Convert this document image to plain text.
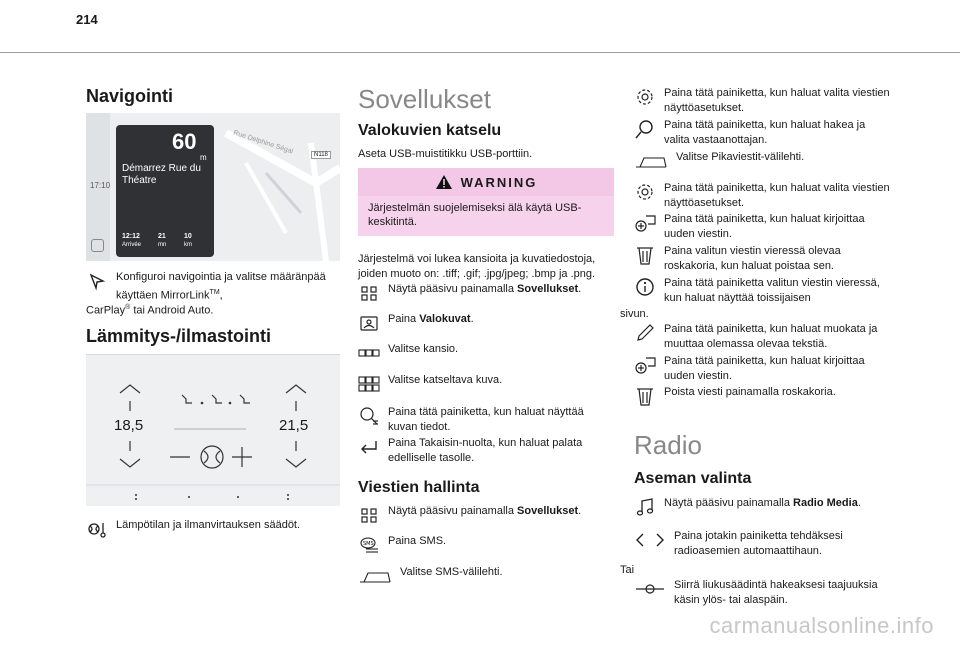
214
Navigointi
17:10
Rue Delphine Ségal	N118
60
m
Démarrez Rue du Théatre
12:12
Arrivée
21
mn
10
km
Konfiguroi navigointia ja valitse määränpää käyttäen MirrorLink™,
CarPlay® tai Android Auto.
Lämmitys-/ilmastointi
18,5	21,5
Lämpötilan ja ilmanvirtauksen säädöt.
Sovellukset
Valokuvien katselu
Aseta USB-muistitikku USB-porttiin.
WARNING
Järjestelmän suojelemiseksi älä käytä USB-keskitintä.
Järjestelmä voi lukea kansioita ja kuvatiedostoja, joiden muoto on: .tiff; .gif; .jpg/jpeg; .bmp ja .png.
Näytä pääsivu painamalla Sovellukset.
Paina Valokuvat.
Valitse kansio.
Valitse katseltava kuva.
Paina tätä painiketta, kun haluat näyttää kuvan tiedot.
Paina Takaisin-nuolta, kun haluat palata edelliselle tasolle.
Viestien hallinta
Näytä pääsivu painamalla Sovellukset.
SMS Paina SMS.
Valitse SMS-välilehti.
Paina tätä painiketta, kun haluat valita viestien näyttöasetukset.
Paina tätä painiketta, kun haluat hakea ja valita vastaanottajan.
Valitse Pikaviestit-välilehti.
Paina tätä painiketta, kun haluat valita viestien näyttöasetukset.
Paina tätä painiketta, kun haluat kirjoittaa uuden viestin.
Paina valitun viestin vieressä olevaa roskakoria, kun haluat poistaa sen.
Paina tätä painiketta valitun viestin vieressä, kun haluat näyttää toissijaisen
sivun.
Paina tätä painiketta, kun haluat muokata ja muuttaa olemassa olevaa tekstiä.
Paina tätä painiketta, kun haluat kirjoittaa uuden viestin.
Poista viesti painamalla roskakoria.
Radio
Aseman valinta
Näytä pääsivu painamalla Radio Media.
Paina jotakin painiketta tehdäksesi radioasemien automaattihaun.
Tai
Siirrä liukusäädintä hakeaksesi taajuuksia käsin ylös- tai alaspäin.
carmanualsonline.info
